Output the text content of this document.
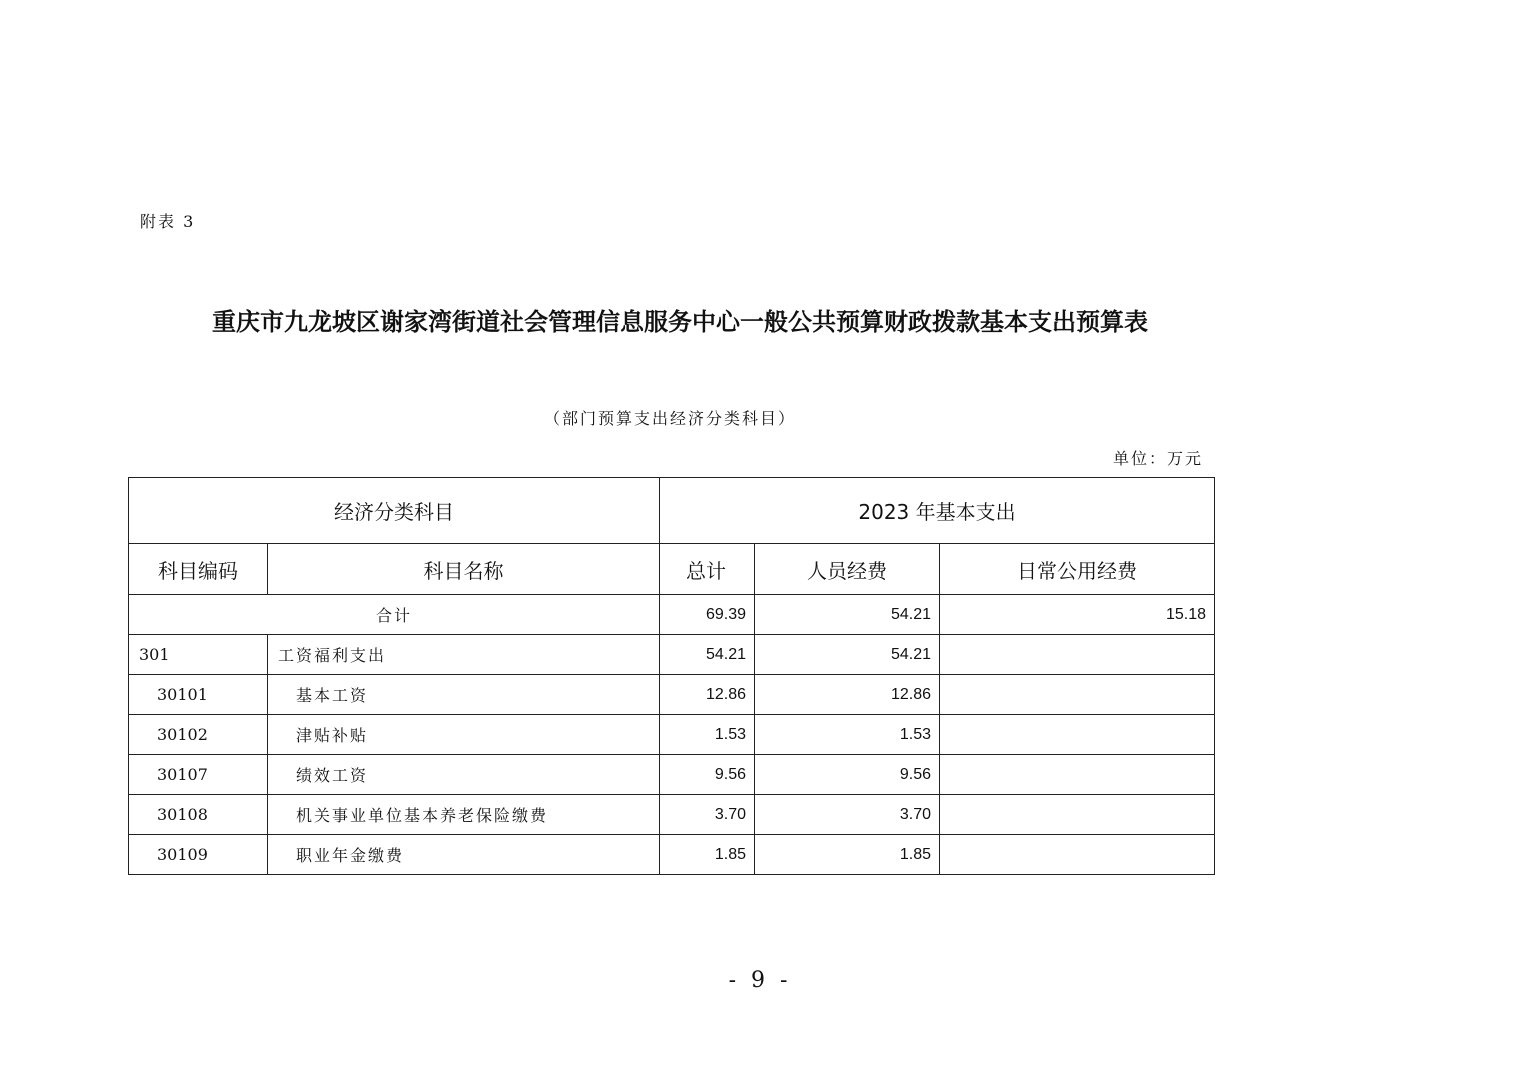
附表 3
重庆市九龙坡区谢家湾街道社会管理信息服务中心一般公共预算财政拨款基本支出预算表
（部门预算支出经济分类科目）
单位：万元
经济分类科目		2023 年基本支出		
科目编码	科目名称	总计	人员经费	日常公用经费
合计		69.39	54.21	15.18
301	工资福利支出	54.21	54.21	
30101	基本工资	12.86	12.86	
30102	津贴补贴	1.53	1.53	
30107	绩效工资	9.56	9.56	
30108	机关事业单位基本养老保险缴费	3.70	3.70	
30109	职业年金缴费	1.85	1.85	
- 9 -
